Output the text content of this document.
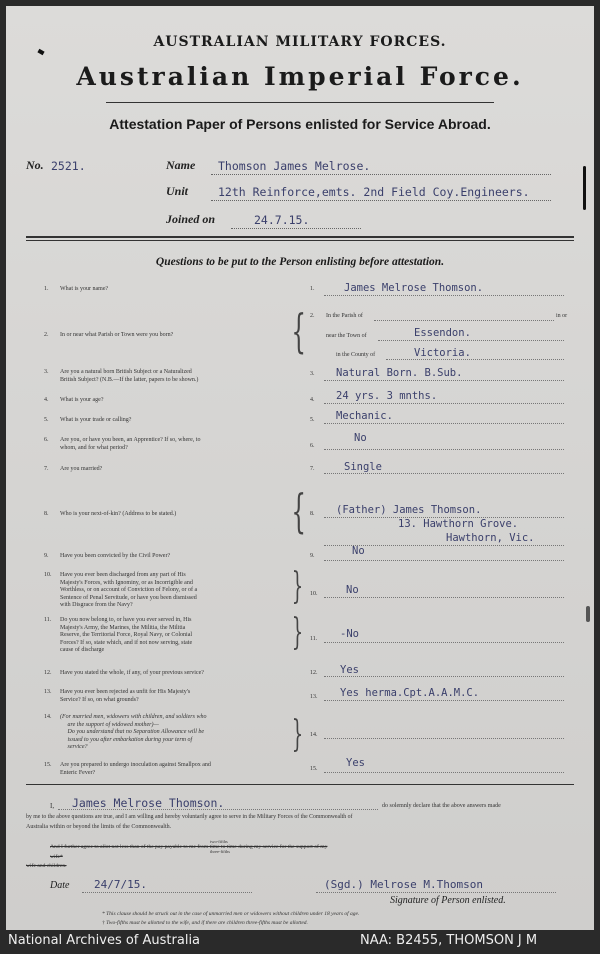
AUSTRALIAN MILITARY FORCES.
Australian Imperial Force.
Attestation Paper of Persons enlisted for Service Abroad.
No. 2521.	Name Thomson James Melrose.
Unit	12th Reinforce,emts. 2nd Field Coy.Engineers.
Joined on	24.7.15.
Questions to be put to the Person enlisting before attestation.
1. What is your name?	1.	James Melrose Thomson.
2. In or near what Parish or Town were you born?	{ 2. In the Parish of	in or
near the Town of	Essendon.
in the County of	Victoria.
3. Are you a natural born British Subject or a Naturalized
British Subject? (N.B.—If the latter, papers to be shown.)
3. Natural Born. B.Sub.
4. What is your age?	4. 24 yrs. 3 mnths.
5. What is your trade or calling?	5. Mechanic.
6. Are you, or have you been, an Apprentice? If so, where, to
whom, and for what period?	6.
No
7. Are you married?	7.	Single
8. Who is your next-of-kin? (Address to be stated.)	{ 8. (Father) James Thomson.
13. Hawthorn Grove.
Hawthorn, Vic.
9. Have you been convicted by the Civil Power?	9.	No
10. Have you ever been discharged from any part of His
Majesty's Forces, with Ignominy, or as Incorrigible and
Worthless, or on account of Conviction of Felony, or of a
Sentence of Penal Servitude, or have you been dismissed
with Disgrace from the Navy?	} 10.	No
11. Do you now belong to, or have you ever served in, His
Majesty's Army, the Marines, the Militia, the Militia
Reserve, the Territorial Force, Royal Navy, or Colonial
Forces? If so, state which, and if not now serving, state
cause of discharge	} 11. -No
12. Have you stated the whole, if any, of your previous service?	12. Yes
13. Have you ever been rejected as unfit for His Majesty's
Service? If so, on what grounds?	13. Yes herma.Cpt.A.A.M.C.
14. (For married men, widowers with children, and soldiers who
are the support of widowed mother)—
Do you understand that no Separation Allowance will be
issued to you after embarkation during your term of
service?	} 14.
15. Are you prepared to undergo inoculation against Smallpox and
Enteric Fever?
15.	Yes
I, James Melrose Thomson.	do solemnly declare that the above answers made
by me to the above questions are true, and I am willing and hereby voluntarily agree to serve in the Military Forces of the Commonwealth of
Australia within or beyond the limits of the Commonwealth.
And I further agree to allot not less than of the pay payable to me from time to time during my service for the support of my
two-fifths
three-fifths
wife*
wife and children.
Date 24/7/15.	(Sgd.) Melrose M.Thomson
Signature of Person enlisted.
* This clause should be struck out in the case of unmarried men or widowers without children under 18 years of age.
† Two-fifths must be allotted to the wife, and if there are children three-fifths must be allotted.
National Archives of Australia	NAA: B2455, THOMSON J M
